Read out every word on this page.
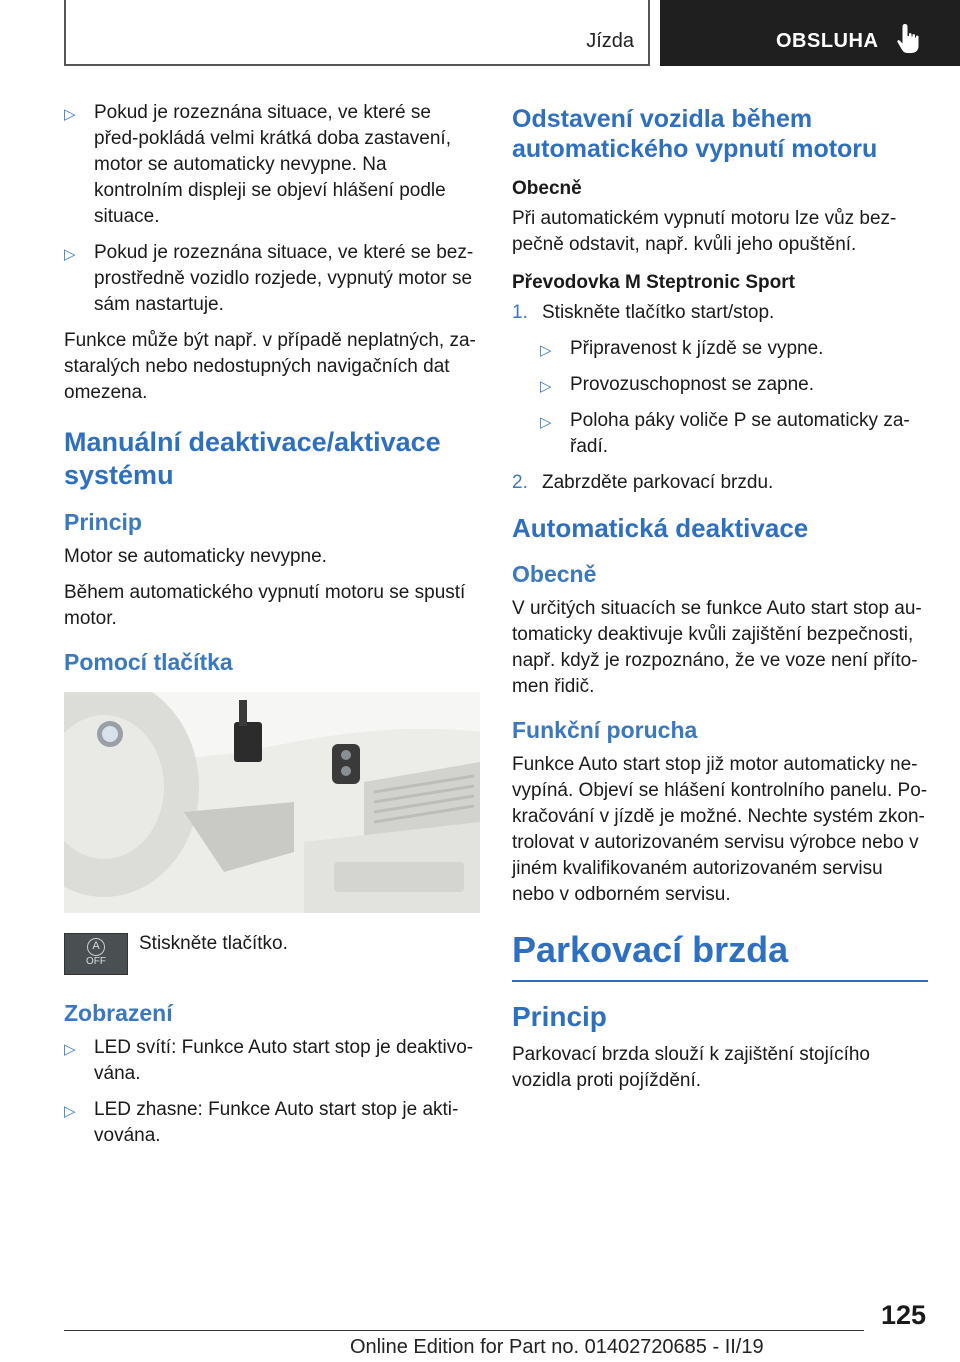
Jízda	OBSLUHA
▷ Pokud je rozeznána situace, ve které se před-pokládá velmi krátká doba zastavení, motor se automaticky nevypne. Na kontrolním displeji se objeví hlášení podle situace.
▷ Pokud je rozeznána situace, ve které se bez-prostředně vozidlo rozjede, vypnutý motor se sám nastartuje.

Funkce může být např. v případě neplatných, za-staralých nebo nedostupných navigačních dat omezena.

Manuální deaktivace/aktivace systému
Princip

Motor se automaticky nevypne.

Během automatického vypnutí motoru se spustí motor.

Pomocí tlačítka
A
OFF
Stiskněte tlačítko.
Zobrazení
▷ LED svítí: Funkce Auto start stop je deaktivo-vána.
▷ LED zhasne: Funkce Auto start stop je akti-vována.
Odstavení vozidla během automatického vypnutí motoru
Obecně

Při automatickém vypnutí motoru lze vůz bez-pečně odstavit, např. kvůli jeho opuštění.

Převodovka M Steptronic Sport
1. Stiskněte tlačítko start/stop.
▷ Připravenost k jízdě se vypne.
▷ Provozuschopnost se zapne.
▷ Poloha páky voliče P se automaticky za-řadí.
2. Zabrzděte parkovací brzdu.
Automatická deaktivace
Obecně

V určitých situacích se funkce Auto start stop au-tomaticky deaktivuje kvůli zajištění bezpečnosti, např. když je rozpoznáno, že ve voze není přítо-men řidič.

Funkční porucha

Funkce Auto start stop již motor automaticky ne-vypíná. Objeví se hlášení kontrolního panelu. Po-kračování v jízdě je možné. Nechte systém zkon-trolovat v autorizovaném servisu výrobce nebo v jiném kvalifikovaném autorizovaném servisu nebo v odborném servisu.

Parkovací brzda
Princip

Parkovací brzda slouží k zajištění stojícího vozidla proti pojíždění.

125
Online Edition for Part no. 01402720685 - II/19
